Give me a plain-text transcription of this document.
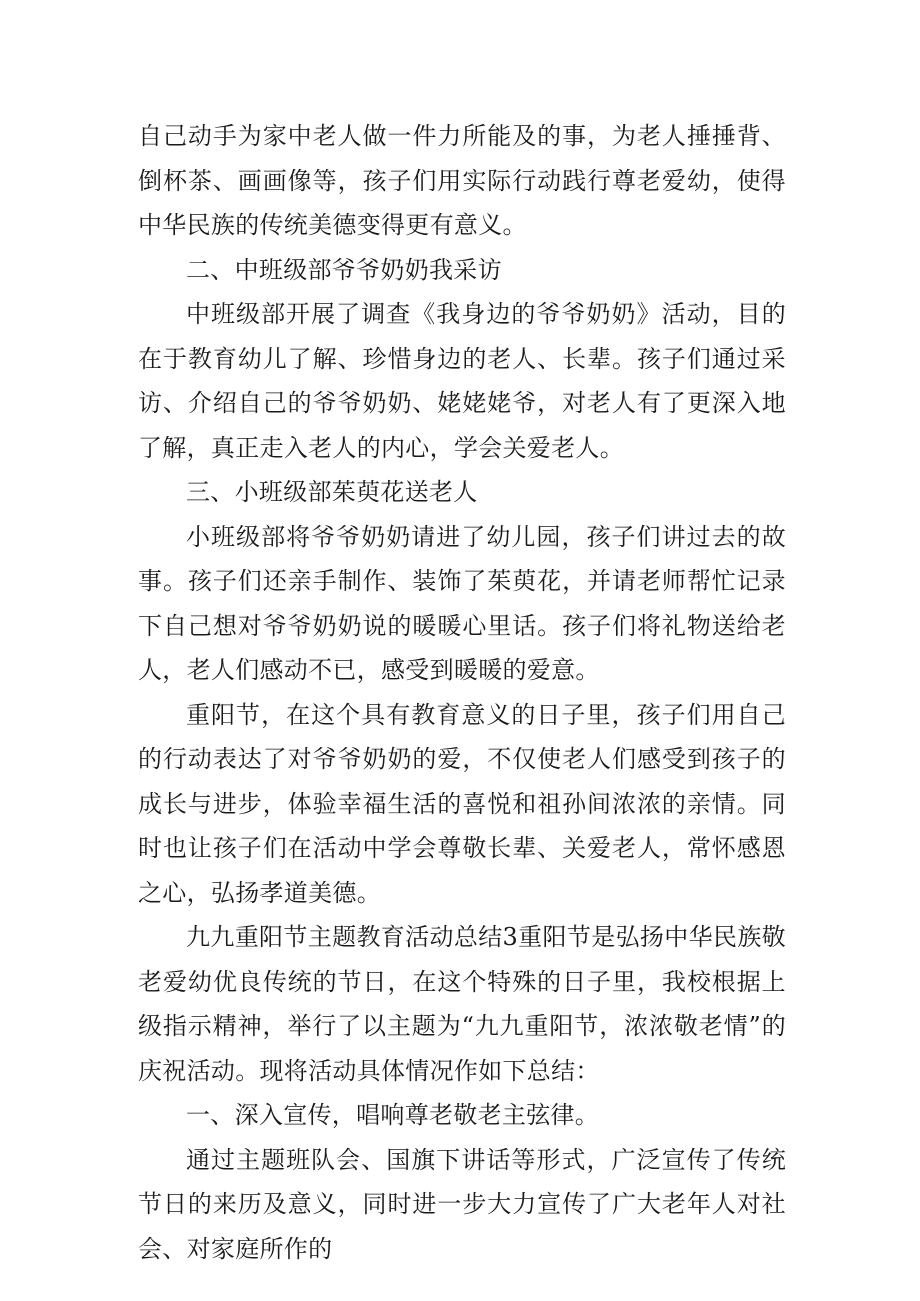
自己动手为家中老人做一件力所能及的事，为老人捶捶背、倒杯茶、画画像等，孩子们用实际行动践行尊老爱幼，使得中华民族的传统美德变得更有意义。

二、中班级部爷爷奶奶我采访

中班级部开展了调查《我身边的爷爷奶奶》活动，目的在于教育幼儿了解、珍惜身边的老人、长辈。孩子们通过采访、介绍自己的爷爷奶奶、姥姥姥爷，对老人有了更深入地了解，真正走入老人的内心，学会关爱老人。

三、小班级部茱萸花送老人

小班级部将爷爷奶奶请进了幼儿园，孩子们讲过去的故事。孩子们还亲手制作、装饰了茱萸花，并请老师帮忙记录下自己想对爷爷奶奶说的暖暖心里话。孩子们将礼物送给老人，老人们感动不已，感受到暖暖的爱意。

重阳节，在这个具有教育意义的日子里，孩子们用自己的行动表达了对爷爷奶奶的爱，不仅使老人们感受到孩子的成长与进步，体验幸福生活的喜悦和祖孙间浓浓的亲情。同时也让孩子们在活动中学会尊敬长辈、关爱老人，常怀感恩之心，弘扬孝道美德。

九九重阳节主题教育活动总结3重阳节是弘扬中华民族敬老爱幼优良传统的节日，在这个特殊的日子里，我校根据上级指示精神，举行了以主题为“九九重阳节，浓浓敬老情”的庆祝活动。现将活动具体情况作如下总结：

一、深入宣传，唱响尊老敬老主弦律。

通过主题班队会、国旗下讲话等形式，广泛宣传了传统节日的来历及意义，同时进一步大力宣传了广大老年人对社会、对家庭所作的
